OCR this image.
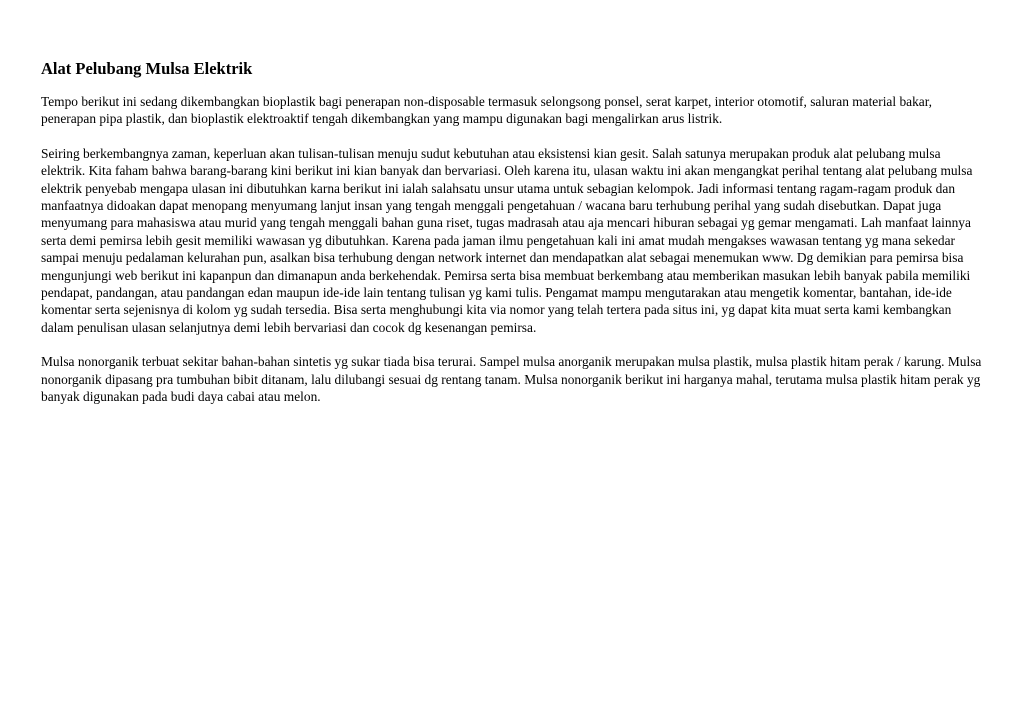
Alat Pelubang Mulsa Elektrik

Tempo berikut ini sedang dikembangkan bioplastik bagi penerapan non-disposable termasuk selongsong ponsel, serat karpet, interior otomotif, saluran material bakar, penerapan pipa plastik, dan bioplastik elektroaktif tengah dikembangkan yang mampu digunakan bagi mengalirkan arus listrik.

Seiring berkembangnya zaman, keperluan akan tulisan-tulisan menuju sudut kebutuhan atau eksistensi kian gesit. Salah satunya merupakan produk alat pelubang mulsa elektrik. Kita faham bahwa barang-barang kini berikut ini kian banyak dan bervariasi. Oleh karena itu, ulasan waktu ini akan mengangkat perihal tentang alat pelubang mulsa elektrik penyebab mengapa ulasan ini dibutuhkan karna berikut ini ialah salahsatu unsur utama untuk sebagian kelompok. Jadi informasi tentang ragam-ragam produk dan manfaatnya didoakan dapat menopang menyumang lanjut insan yang tengah menggali pengetahuan / wacana baru terhubung perihal yang sudah disebutkan. Dapat juga menyumang para mahasiswa atau murid yang tengah menggali bahan guna riset, tugas madrasah atau aja mencari hiburan sebagai yg gemar mengamati. Lah manfaat lainnya serta demi pemirsa lebih gesit memiliki wawasan yg dibutuhkan. Karena pada jaman ilmu pengetahuan kali ini amat mudah mengakses wawasan tentang yg mana sekedar sampai menuju pedalaman kelurahan pun, asalkan bisa terhubung dengan network internet dan mendapatkan alat sebagai menemukan www. Dg demikian para pemirsa bisa mengunjungi web berikut ini kapanpun dan dimanapun anda berkehendak. Pemirsa serta bisa membuat berkembang atau memberikan masukan lebih banyak pabila memiliki pendapat, pandangan, atau pandangan edan maupun ide-ide lain tentang tulisan yg kami tulis. Pengamat mampu mengutarakan atau mengetik komentar, bantahan, ide-ide komentar serta sejenisnya di kolom yg sudah tersedia. Bisa serta menghubungi kita via nomor yang telah tertera pada situs ini, yg dapat kita muat serta kami kembangkan dalam penulisan ulasan selanjutnya demi lebih bervariasi dan cocok dg kesenangan pemirsa.

Mulsa nonorganik terbuat sekitar bahan-bahan sintetis yg sukar tiada bisa terurai. Sampel mulsa anorganik merupakan mulsa plastik, mulsa plastik hitam perak / karung. Mulsa nonorganik dipasang pra tumbuhan bibit ditanam, lalu dilubangi sesuai dg rentang tanam. Mulsa nonorganik berikut ini harganya mahal, terutama mulsa plastik hitam perak yg banyak digunakan pada budi daya cabai atau melon.
